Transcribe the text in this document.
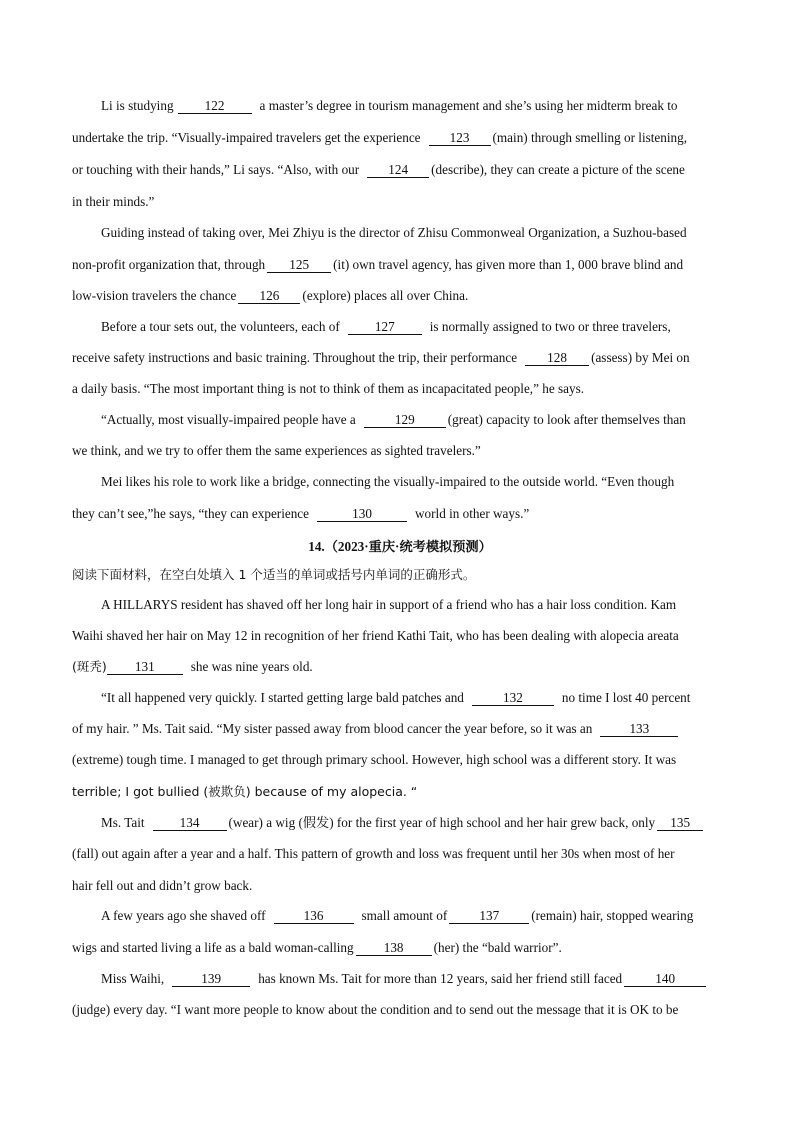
Li is studying 122	a master’s degree in tourism management and she’s using her midterm break to
undertake the trip. “Visually-impaired travelers get the experience 123 (main) through smelling or listening,
or touching with their hands,” Li says. “Also, with our 124 (describe), they can create a picture of the scene
in their minds.”
Guiding instead of taking over, Mei Zhiyu is the director of Zhisu Commonweal Organization, a Suzhou-based
non-profit organization that, through 125 (it) own travel agency, has given more than 1, 000 brave blind and
low-vision travelers the chance 126 (explore) places all over China.
Before a tour sets out, the volunteers, each of	127	is normally assigned to two or three travelers,
receive safety instructions and basic training. Throughout the trip, their performance 128 (assess) by Mei on
a daily basis. “The most important thing is not to think of them as incapacitated people,” he says.
“Actually, most visually-impaired people have a	129	(great) capacity to look after themselves than
we think, and we try to offer them the same experiences as sighted travelers.”
Mei likes his role to work like a bridge, connecting the visually-impaired to the outside world. “Even though
they can’t see,”he says, “they can experience	130	world in other ways.”
14.（2023·重庆·统考模拟预测）
阅读下面材料，在空白处填入 1 个适当的单词或括号内单词的正确形式。
A HILLARYS resident has shaved off her long hair in support of a friend who has a hair loss condition. Kam
Waihi shaved her hair on May 12 in recognition of her friend Kathi Tait, who has been dealing with alopecia areata
(斑秃) 131	she was nine years old.
“It all happened very quickly. I started getting large bald patches and	132	no time I lost 40 percent
of my hair. ” Ms. Tait said. “My sister passed away from blood cancer the year before, so it was an	133
(extreme) tough time. I managed to get through primary school. However, high school was a different story. It was
terrible; I got bullied (被欺负) because of my alopecia. “
Ms. Tait	134 (wear) a wig (假发) for the first year of high school and her hair grew back, only 135
(fall) out again after a year and a half. This pattern of growth and loss was frequent until her 30s when most of her
hair fell out and didn’t grow back.
A few years ago she shaved off	136	small amount of 137 (remain) hair, stopped wearing
wigs and started living a life as a bald woman-calling 138 (her) the “bald warrior”.
Miss Waihi,	139	has known Ms. Tait for more than 12 years, said her friend still faced	140
(judge) every day. “I want more people to know about the condition and to send out the message that it is OK to be
